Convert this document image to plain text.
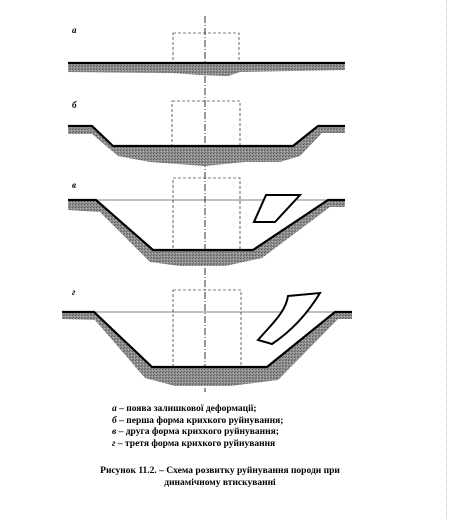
а
б
в
г
а – поява залишкової деформації;
б – перша форма крихкого руйнування;
в – друга форма крихкого руйнування;
г – третя форма крихкого руйнування
Рисунок 11.2. – Схема розвитку руйнування породи при
динамічному втискуванні
